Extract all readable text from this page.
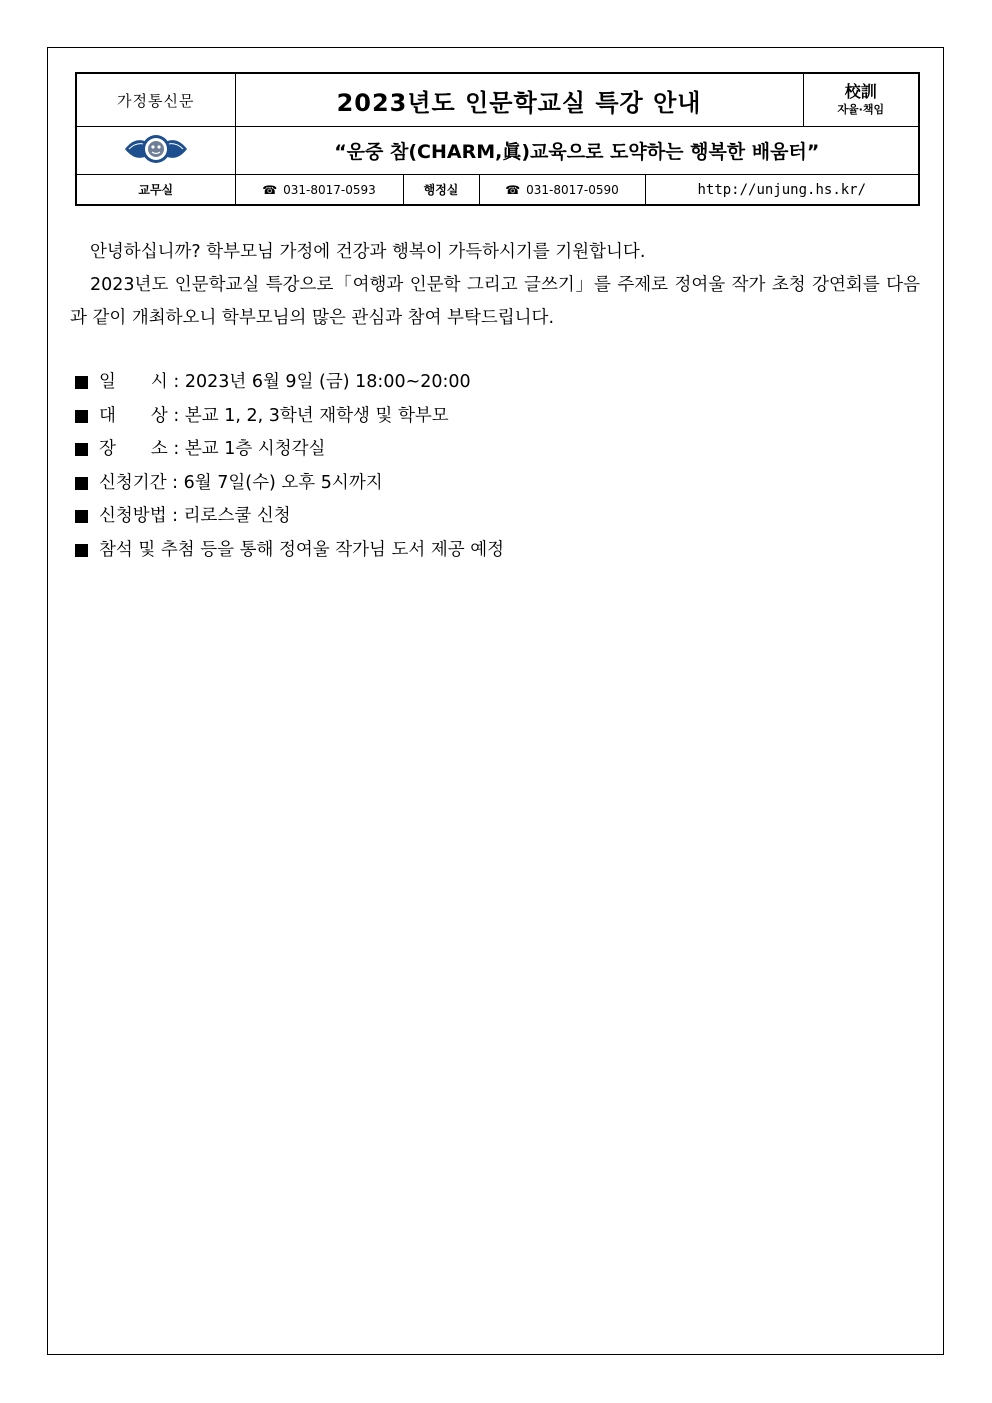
가정통신문	2023년도 인문학교실 특강 안내				校訓
자율·책임

	“운중 참(CHARM,眞)교육으로 도약하는 행복한 배움터”				
교무실	☎ 031-8017-0593	행정실	☎ 031-8017-0590	http://unjung.hs.kr/	

안녕하십니까? 학부모님 가정에 건강과 행복이 가득하시기를 기원합니다.

2023년도 인문학교실 특강으로「여행과 인문학 그리고 글쓰기」를 주제로 정여울 작가 초청 강연회를 다음과 같이 개최하오니 학부모님의 많은 관심과 참여 부탁드립니다.

일　　시 : 2023년 6월 9일 (금) 18:00~20:00
대　　상 : 본교 1, 2, 3학년 재학생 및 학부모
장　　소 : 본교 1층 시청각실
신청기간 : 6월 7일(수) 오후 5시까지
신청방법 : 리로스쿨 신청
참석 및 추첨 등을 통해 정여울 작가님 도서 제공 예정
